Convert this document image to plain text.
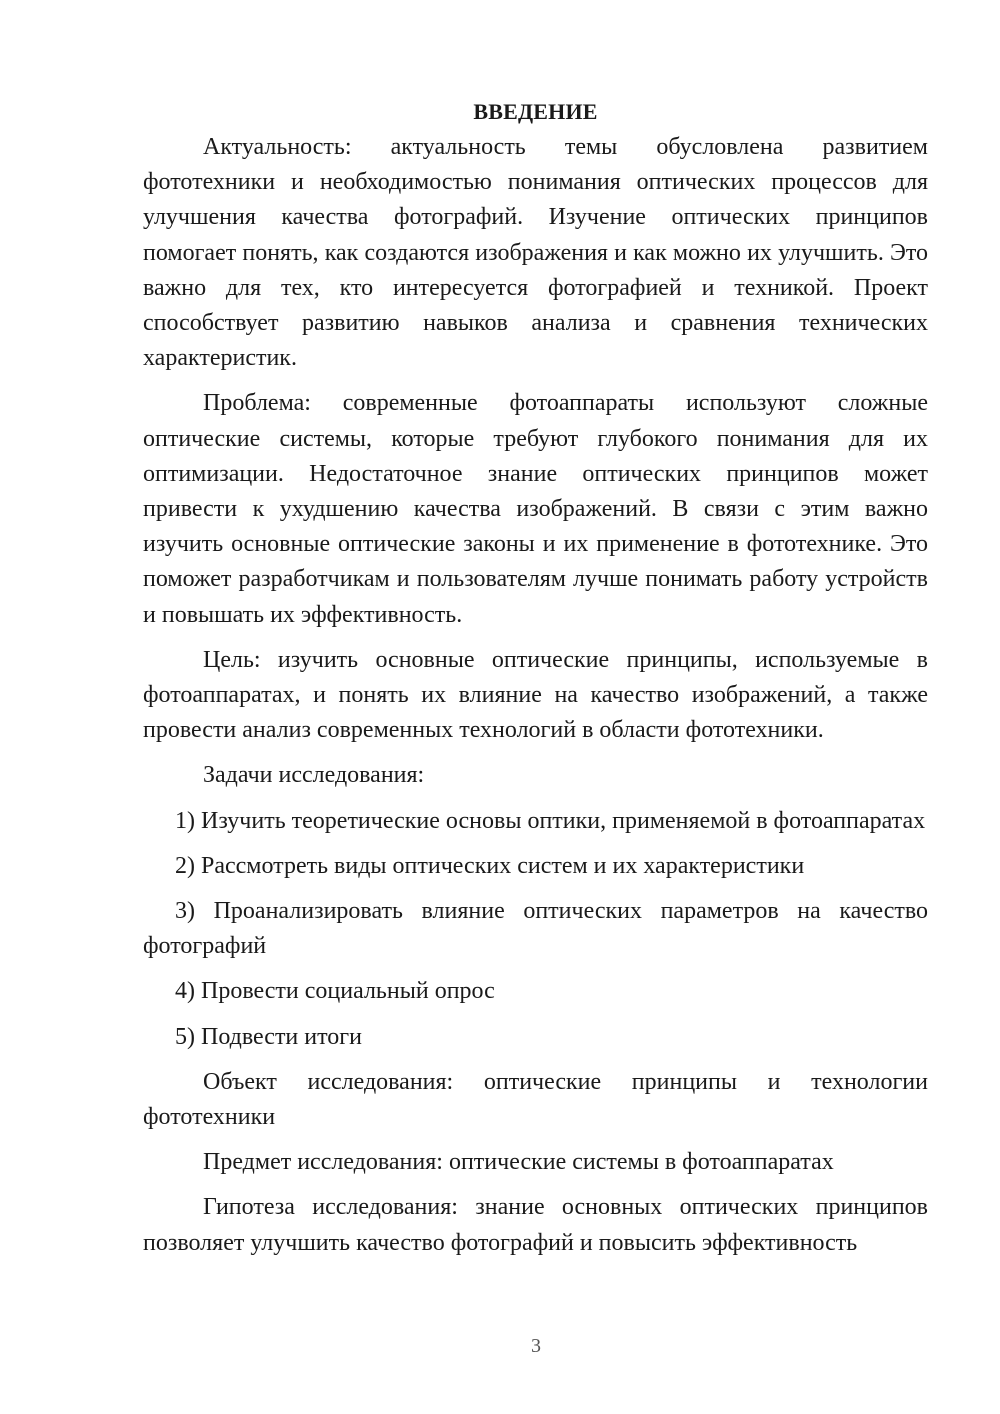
ВВЕДЕНИЕ

Актуальность: актуальность темы обусловлена развитием фототехники и необходимостью понимания оптических процессов для улучшения качества фотографий. Изучение оптических принципов помогает понять, как создаются изображения и как можно их улучшить. Это важно для тех, кто интересуется фотографией и техникой. Проект способствует развитию навыков анализа и сравнения технических характеристик.

Проблема: современные фотоаппараты используют сложные оптические системы, которые требуют глубокого понимания для их оптимизации. Недостаточное знание оптических принципов может привести к ухудшению качества изображений. В связи с этим важно изучить основные оптические законы и их применение в фототехнике. Это поможет разработчикам и пользователям лучше понимать работу устройств и повышать их эффективность.

Цель: изучить основные оптические принципы, используемые в фотоаппаратах, и понять их влияние на качество изображений, а также провести анализ современных технологий в области фототехники.

Задачи исследования:

1) Изучить теоретические основы оптики, применяемой в фотоаппаратах

2) Рассмотреть виды оптических систем и их характеристики

3) Проанализировать влияние оптических параметров на качество фотографий

4) Провести социальный опрос

5) Подвести итоги

Объект исследования: оптические принципы и технологии фототехники

Предмет исследования: оптические системы в фотоаппаратах

Гипотеза исследования: знание основных оптических принципов позволяет улучшить качество фотографий и повысить эффективность

3
